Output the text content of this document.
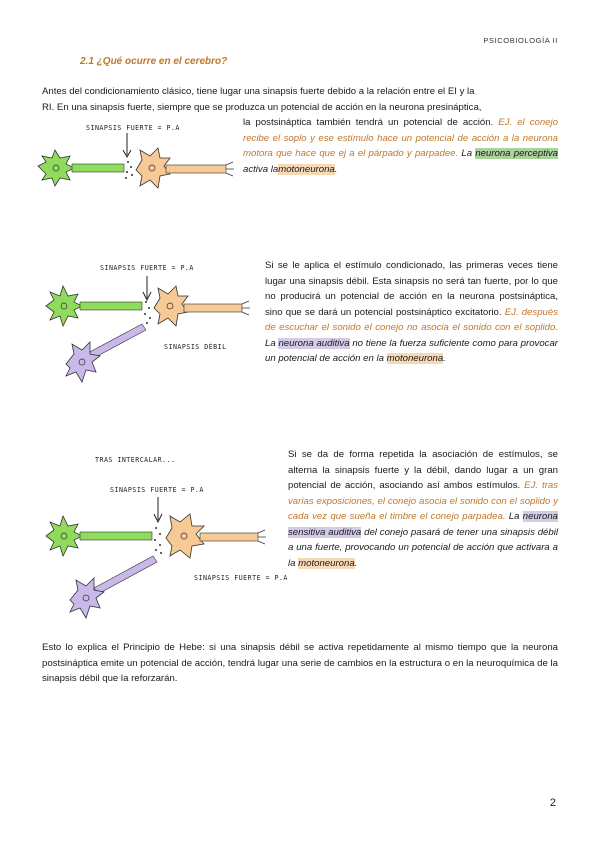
PSICOBIOLOGÍA II
2.1 ¿Qué ocurre en el cerebro?

Antes del condicionamiento clásico, tiene lugar una sinapsis fuerte debido a la relación entre el EI y la

RI. En una sinapsis fuerte, siempre que se produzca un potencial de acción en la neurona presináptica,

la postsináptica también tendrá un potencial de acción. EJ. el conejo recibe el soplo y ese estímulo hace un potencial de acción a la neurona motora que hace que ej a el párpado y parpadee. La neurona perceptiva activa lamotoneurona.

SINAPSIS FUERTE = P.A

Si se le aplica el estímulo condicionado, las primeras veces tiene lugar una sinapsis débil. Esta sinapsis no será tan fuerte, por lo que no producirá un potencial de acción en la neurona postsináptica, sino que se dará un potencial postsináptico excitatorio. EJ. después de escuchar el sonido el conejo no asocia el sonido con el soplido. La neurona auditiva no tiene la fuerza suficiente como para provocar un potencial de acción en la motoneurona.

SINAPSIS FUERTE = P.A
SINAPSIS DÉBIL

Si se da de forma repetida la asociación de estímulos, se alterna la sinapsis fuerte y la débil, dando lugar a un gran potencial de acción, asociando así ambos estímulos. EJ. tras varias exposiciones, el conejo asocia el sonido con el soplido y cada vez que sueña el timbre el conejo parpadea. La neurona sensitiva auditiva del conejo pasará de tener una sinapsis débil a una fuerte, provocando un potencial de acción que activara a la motoneurona.

TRAS INTERCALAR...
SINAPSIS FUERTE = P.A
SINAPSIS FUERTE = P.A

Esto lo explica el Principio de Hebe: si una sinapsis débil se activa repetidamente al mismo tiempo que la neurona postsináptica emite un potencial de acción, tendrá lugar una serie de cambios en la estructura o en la neuroquímica de la sinapsis débil que la reforzarán.

2
